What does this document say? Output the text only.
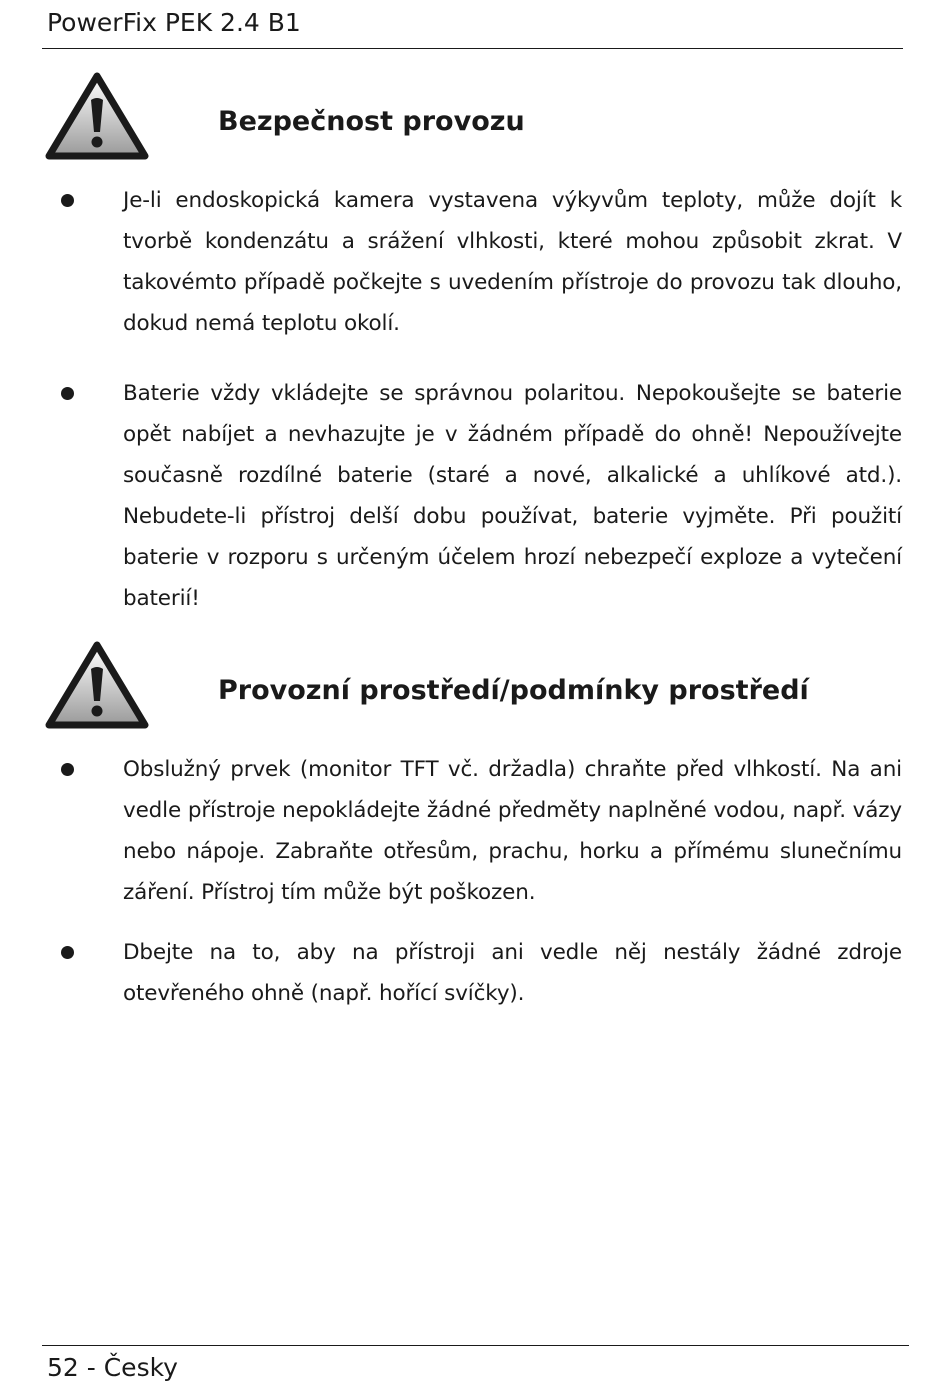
PowerFix PEK 2.4 B1
Bezpečnost provozu
Je-li endoskopická kamera vystavena výkyvům teploty, může dojít k tvorbě kondenzátu a srážení vlhkosti, které mohou způsobit zkrat. V takovémto případě počkejte s uvedením přístroje do provozu tak dlouho, dokud nemá teplotu okolí.
Baterie vždy vkládejte se správnou polaritou. Nepokoušejte se baterie opět nabíjet a nevhazujte je v žádném případě do ohně! Nepoužívejte současně rozdílné baterie (staré a nové, alkalické a uhlíkové atd.). Nebudete-li přístroj delší dobu používat, baterie vyjměte. Při použití baterie v rozporu s určeným účelem hrozí nebezpečí exploze a vytečení baterií!
Provozní prostředí/podmínky prostředí
Obslužný prvek (monitor TFT vč. držadla) chraňte před vlhkostí. Na ani vedle přístroje nepokládejte žádné předměty naplněné vodou, např. vázy nebo nápoje. Zabraňte otřesům, prachu, horku a přímému slunečnímu záření. Přístroj tím může být poškozen.
Dbejte na to, aby na přístroji ani vedle něj nestály žádné zdroje otevřeného ohně (např. hořící svíčky).
52 - Česky
